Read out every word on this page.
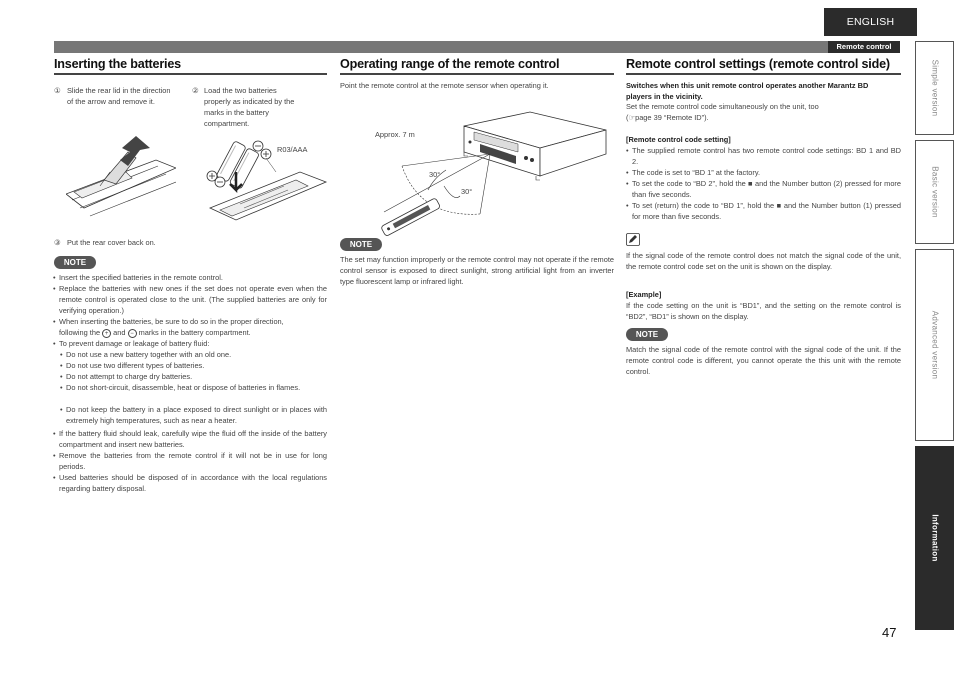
ENGLISH
Remote control
Inserting the batteries
① Slide the rear lid in the direction of the arrow and remove it.
② Load the two batteries properly as indicated by the marks in the battery compartment.
R03/AAA
③ Put the rear cover back on.
NOTE
• Insert the specified batteries in the remote control.
• Replace the batteries with new ones if the set does not operate even when the remote control is operated close to the unit. (The supplied batteries are only for verifying operation.)
• When inserting the batteries, be sure to do so in the proper direction,
following the + and − marks in the battery compartment.
• To prevent damage or leakage of battery fluid:
• Do not use a new battery together with an old one.
• Do not use two different types of batteries.
• Do not attempt to charge dry batteries.
• Do not short-circuit, disassemble, heat or dispose of batteries in flames.
• Do not keep the battery in a place exposed to direct sunlight or in places with extremely high temperatures, such as near a heater.
• If the battery fluid should leak, carefully wipe the fluid off the inside of the battery compartment and insert new batteries.
• Remove the batteries from the remote control if it will not be in use for long periods.
• Used batteries should be disposed of in accordance with the local regulations regarding battery disposal.
Operating range of the remote control
Point the remote control at the remote sensor when operating it.
Approx. 7 m
30°
30°
NOTE
The set may function improperly or the remote control may not operate if the remote control sensor is exposed to direct sunlight, strong artificial light from an inverter type fluorescent lamp or infrared light.
Remote control settings (remote control side)
Switches when this unit remote control operates another Marantz BD players in the vicinity.
Set the remote control code simultaneously on the unit, too
(☞page 39 “Remote ID”).
[Remote control code setting]
• The supplied remote control has two remote control code settings: BD 1 and BD 2.
• The code is set to “BD 1” at the factory.
• To set the code to “BD 2”, hold the ■ and the Number button (2) pressed for more than five seconds.
• To set (return) the code to “BD 1”, hold the ■ and the Number button (1) pressed for more than five seconds.
If the signal code of the remote control does not match the signal code of the unit, the remote control code set on the unit is shown on the display.
[Example]
If the code setting on the unit is “BD1”, and the setting on the remote control is “BD2”, “BD1” is shown on the display.
NOTE
Match the signal code of the remote control with the signal code of the unit. If the remote control code is different, you cannot operate the this unit with the remote control.
Simple version
Basic version
Advanced version
Information
47
